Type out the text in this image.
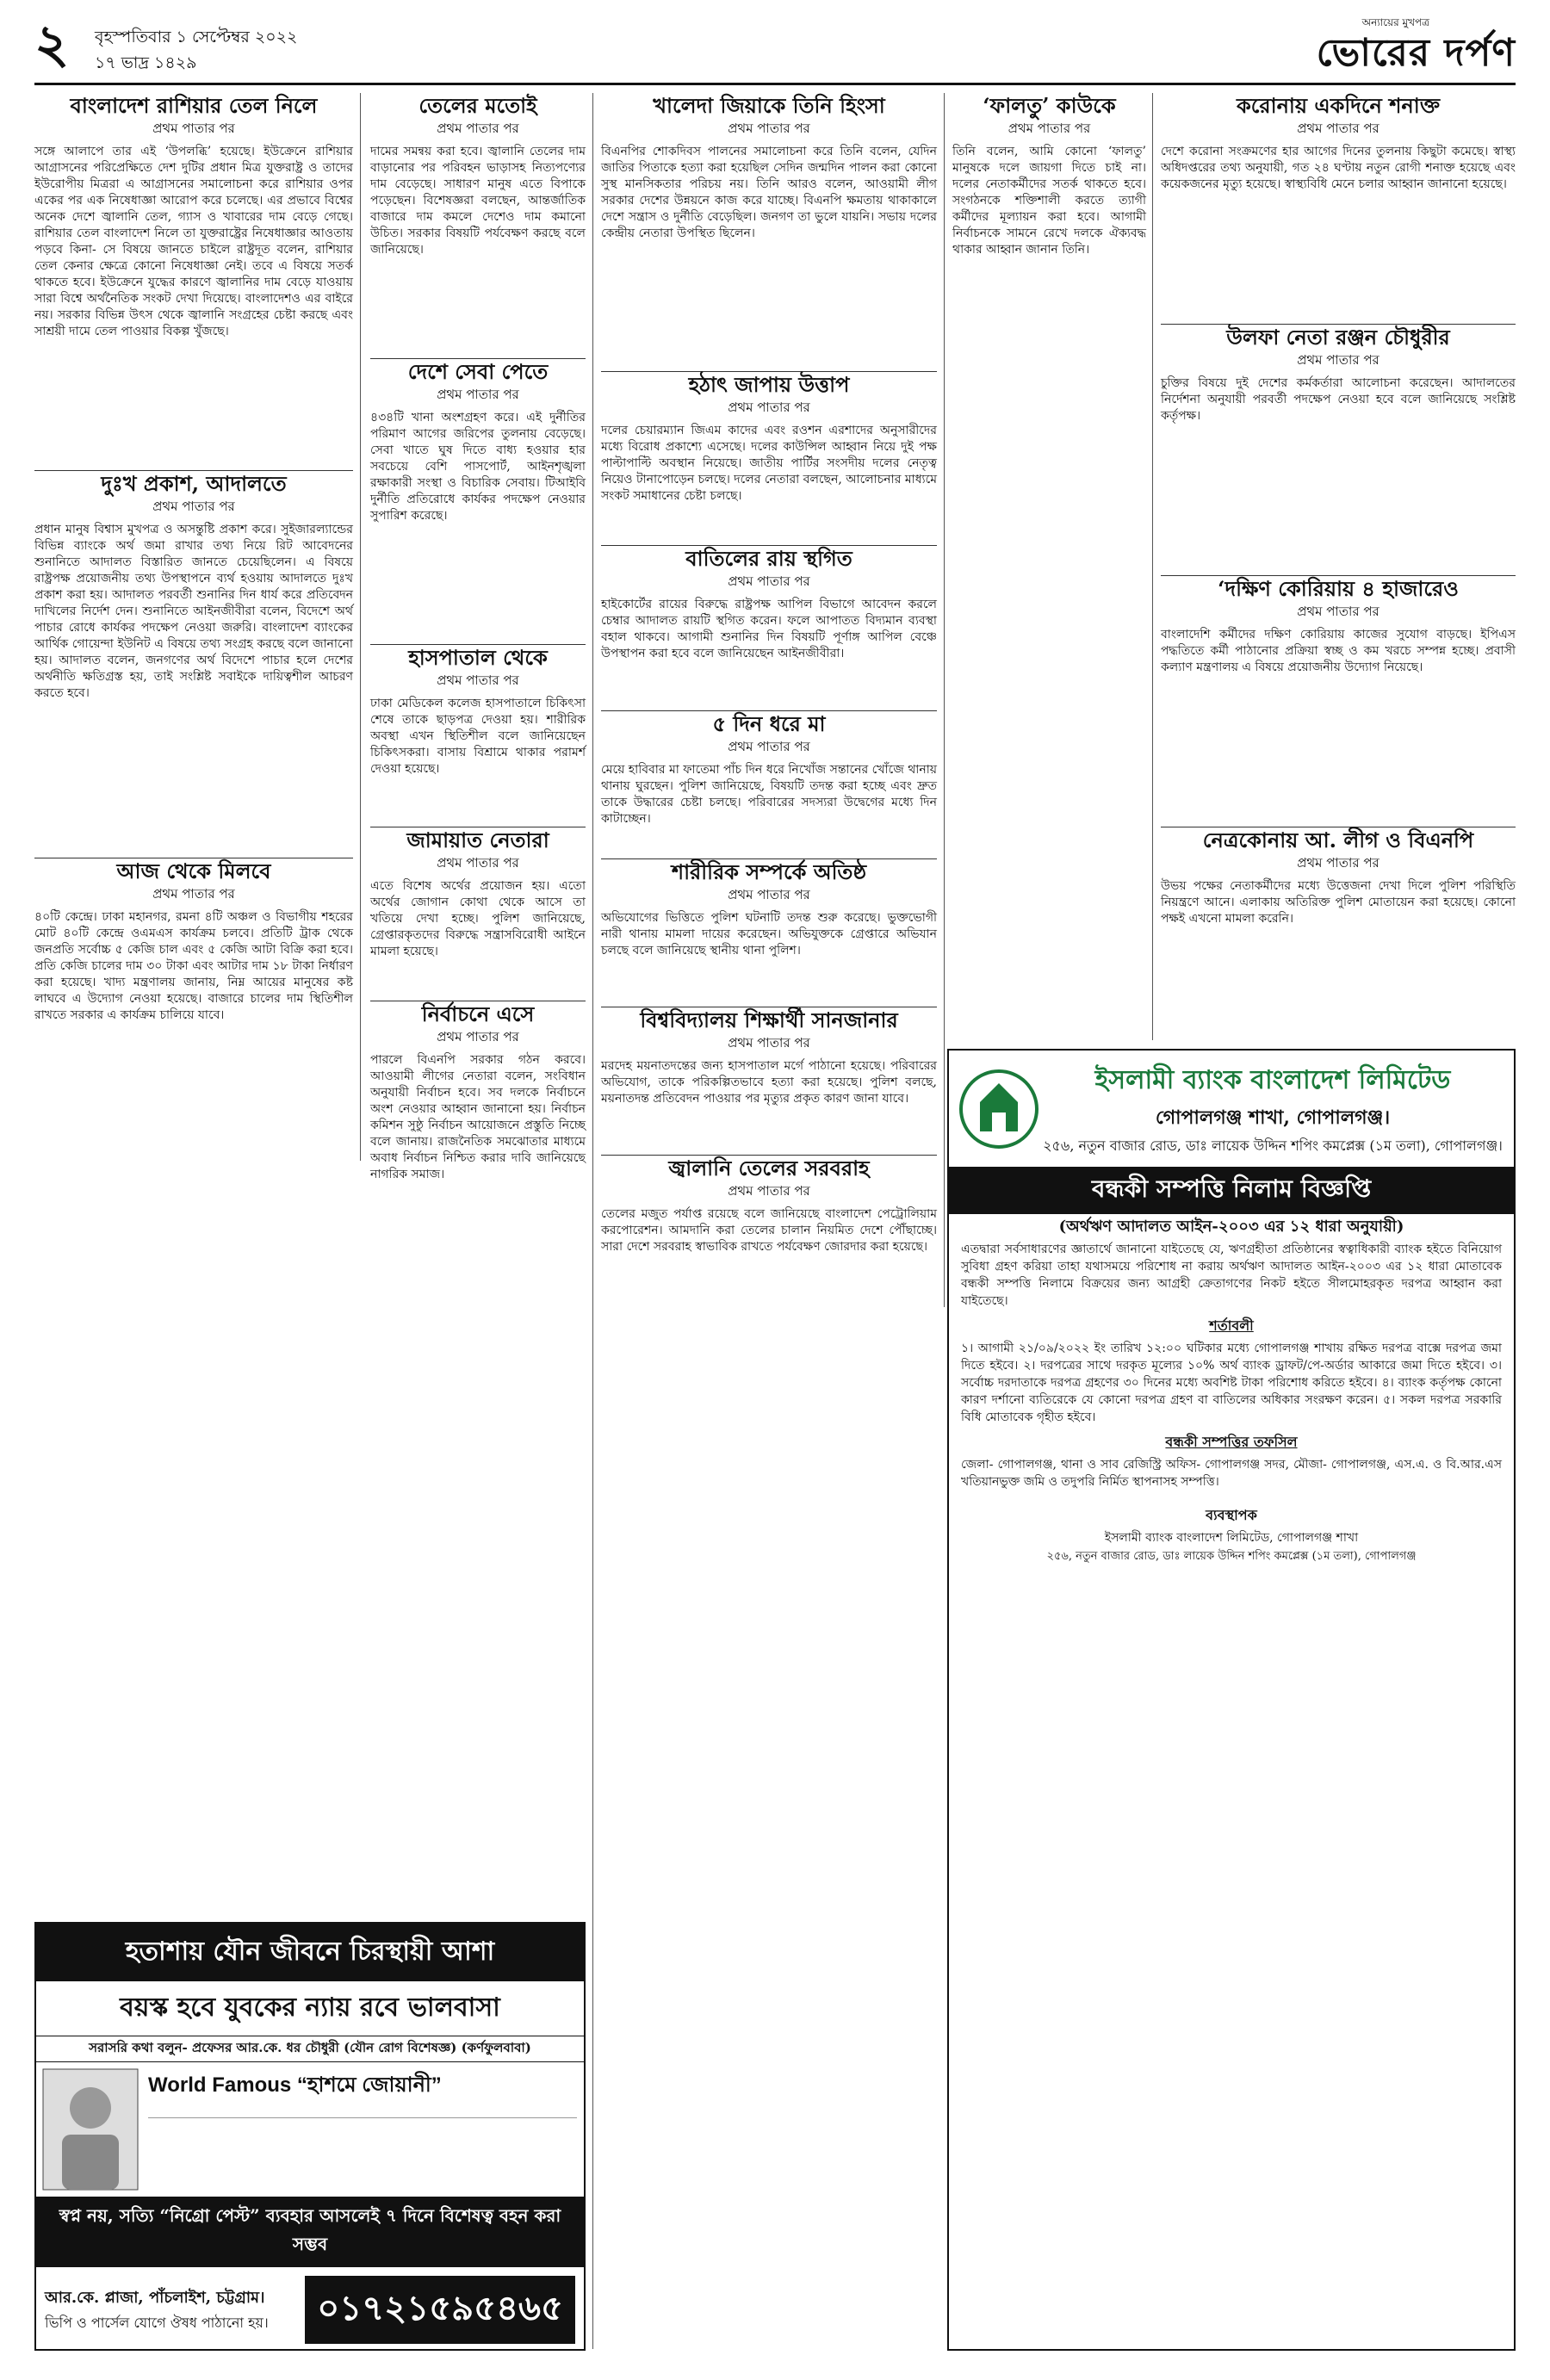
২ বৃহস্পতিবার ১ সেপ্টেম্বর ২০২২
১৭ ভাদ্র ১৪২৯
অন্যায়ের মুখপত্র
ভোরের দর্পণ
বাংলাদেশ রাশিয়ার তেল নিলে
প্রথম পাতার পর
সঙ্গে আলাপে তার এই ‘উপলব্ধি’ হয়েছে। ইউক্রেনে রাশিয়ার আগ্রাসনের পরিপ্রেক্ষিতে দেশ দুটির প্রধান মিত্র যুক্তরাষ্ট্র ও তাদের ইউরোপীয় মিত্ররা এ আগ্রাসনের সমালোচনা করে রাশিয়ার ওপর একের পর এক নিষেধাজ্ঞা আরোপ করে চলেছে। এর প্রভাবে বিশ্বের অনেক দেশে জ্বালানি তেল, গ্যাস ও খাবারের দাম বেড়ে গেছে। রাশিয়ার তেল বাংলাদেশ নিলে তা যুক্তরাষ্ট্রের নিষেধাজ্ঞার আওতায় পড়বে কিনা- সে বিষয়ে জানতে চাইলে রাষ্ট্রদূত বলেন, রাশিয়ার তেল কেনার ক্ষেত্রে কোনো নিষেধাজ্ঞা নেই। তবে এ বিষয়ে সতর্ক থাকতে হবে। ইউক্রেনে যুদ্ধের কারণে জ্বালানির দাম বেড়ে যাওয়ায় সারা বিশ্বে অর্থনৈতিক সংকট দেখা দিয়েছে। বাংলাদেশও এর বাইরে নয়। সরকার বিভিন্ন উৎস থেকে জ্বালানি সংগ্রহের চেষ্টা করছে এবং সাশ্রয়ী দামে তেল পাওয়ার বিকল্প খুঁজছে।
দুঃখ প্রকাশ, আদালতে
প্রথম পাতার পর
প্রধান মানুষ বিশ্বাস মুখপত্র ও অসন্তুষ্টি প্রকাশ করে। সুইজারল্যান্ডের বিভিন্ন ব্যাংকে অর্থ জমা রাখার তথ্য নিয়ে রিট আবেদনের শুনানিতে আদালত বিস্তারিত জানতে চেয়েছিলেন। এ বিষয়ে রাষ্ট্রপক্ষ প্রয়োজনীয় তথ্য উপস্থাপনে ব্যর্থ হওয়ায় আদালতে দুঃখ প্রকাশ করা হয়। আদালত পরবর্তী শুনানির দিন ধার্য করে প্রতিবেদন দাখিলের নির্দেশ দেন। শুনানিতে আইনজীবীরা বলেন, বিদেশে অর্থ পাচার রোধে কার্যকর পদক্ষেপ নেওয়া জরুরি। বাংলাদেশ ব্যাংকের আর্থিক গোয়েন্দা ইউনিট এ বিষয়ে তথ্য সংগ্রহ করছে বলে জানানো হয়। আদালত বলেন, জনগণের অর্থ বিদেশে পাচার হলে দেশের অর্থনীতি ক্ষতিগ্রস্ত হয়, তাই সংশ্লিষ্ট সবাইকে দায়িত্বশীল আচরণ করতে হবে।
আজ থেকে মিলবে
প্রথম পাতার পর
৪০টি কেন্দ্রে। ঢাকা মহানগর, রমনা ৪টি অঞ্চল ও বিভাগীয় শহরের মোট ৪০টি কেন্দ্রে ওএমএস কার্যক্রম চলবে। প্রতিটি ট্রাক থেকে জনপ্রতি সর্বোচ্চ ৫ কেজি চাল এবং ৫ কেজি আটা বিক্রি করা হবে। প্রতি কেজি চালের দাম ৩০ টাকা এবং আটার দাম ১৮ টাকা নির্ধারণ করা হয়েছে। খাদ্য মন্ত্রণালয় জানায়, নিম্ন আয়ের মানুষের কষ্ট লাঘবে এ উদ্যোগ নেওয়া হয়েছে। বাজারে চালের দাম স্থিতিশীল রাখতে সরকার এ কার্যক্রম চালিয়ে যাবে।
তেলের মতোই
প্রথম পাতার পর
দামের সমন্বয় করা হবে। জ্বালানি তেলের দাম বাড়ানোর পর পরিবহন ভাড়াসহ নিত্যপণ্যের দাম বেড়েছে। সাধারণ মানুষ এতে বিপাকে পড়েছেন। বিশেষজ্ঞরা বলছেন, আন্তর্জাতিক বাজারে দাম কমলে দেশেও দাম কমানো উচিত। সরকার বিষয়টি পর্যবেক্ষণ করছে বলে জানিয়েছে।
দেশে সেবা পেতে
প্রথম পাতার পর
৪৩৪টি খানা অংশগ্রহণ করে। এই দুর্নীতির পরিমাণ আগের জরিপের তুলনায় বেড়েছে। সেবা খাতে ঘুষ দিতে বাধ্য হওয়ার হার সবচেয়ে বেশি পাসপোর্ট, আইনশৃঙ্খলা রক্ষাকারী সংস্থা ও বিচারিক সেবায়। টিআইবি দুর্নীতি প্রতিরোধে কার্যকর পদক্ষেপ নেওয়ার সুপারিশ করেছে।
হাসপাতাল থেকে
প্রথম পাতার পর
ঢাকা মেডিকেল কলেজ হাসপাতালে চিকিৎসা শেষে তাকে ছাড়পত্র দেওয়া হয়। শারীরিক অবস্থা এখন স্থিতিশীল বলে জানিয়েছেন চিকিৎসকরা। বাসায় বিশ্রামে থাকার পরামর্শ দেওয়া হয়েছে।
জামায়াত নেতারা
প্রথম পাতার পর
এতে বিশেষ অর্থের প্রয়োজন হয়। এতো অর্থের জোগান কোথা থেকে আসে তা খতিয়ে দেখা হচ্ছে। পুলিশ জানিয়েছে, গ্রেপ্তারকৃতদের বিরুদ্ধে সন্ত্রাসবিরোধী আইনে মামলা হয়েছে।
নির্বাচনে এসে
প্রথম পাতার পর
পারলে বিএনপি সরকার গঠন করবে। আওয়ামী লীগের নেতারা বলেন, সংবিধান অনুযায়ী নির্বাচন হবে। সব দলকে নির্বাচনে অংশ নেওয়ার আহ্বান জানানো হয়। নির্বাচন কমিশন সুষ্ঠু নির্বাচন আয়োজনে প্রস্তুতি নিচ্ছে বলে জানায়। রাজনৈতিক সমঝোতার মাধ্যমে অবাধ নির্বাচন নিশ্চিত করার দাবি জানিয়েছে নাগরিক সমাজ।
খালেদা জিয়াকে তিনি হিংসা
প্রথম পাতার পর
বিএনপির শোকদিবস পালনের সমালোচনা করে তিনি বলেন, যেদিন জাতির পিতাকে হত্যা করা হয়েছিল সেদিন জন্মদিন পালন করা কোনো সুস্থ মানসিকতার পরিচয় নয়। তিনি আরও বলেন, আওয়ামী লীগ সরকার দেশের উন্নয়নে কাজ করে যাচ্ছে। বিএনপি ক্ষমতায় থাকাকালে দেশে সন্ত্রাস ও দুর্নীতি বেড়েছিল। জনগণ তা ভুলে যায়নি। সভায় দলের কেন্দ্রীয় নেতারা উপস্থিত ছিলেন।
হঠাৎ জাপায় উত্তাপ
প্রথম পাতার পর
দলের চেয়ারম্যান জিএম কাদের এবং রওশন এরশাদের অনুসারীদের মধ্যে বিরোধ প্রকাশ্যে এসেছে। দলের কাউন্সিল আহ্বান নিয়ে দুই পক্ষ পাল্টাপাল্টি অবস্থান নিয়েছে। জাতীয় পার্টির সংসদীয় দলের নেতৃত্ব নিয়েও টানাপোড়েন চলছে। দলের নেতারা বলছেন, আলোচনার মাধ্যমে সংকট সমাধানের চেষ্টা চলছে।
বাতিলের রায় স্থগিত
প্রথম পাতার পর
হাইকোর্টের রায়ের বিরুদ্ধে রাষ্ট্রপক্ষ আপিল বিভাগে আবেদন করলে চেম্বার আদালত রায়টি স্থগিত করেন। ফলে আপাতত বিদ্যমান ব্যবস্থা বহাল থাকবে। আগামী শুনানির দিন বিষয়টি পূর্ণাঙ্গ আপিল বেঞ্চে উপস্থাপন করা হবে বলে জানিয়েছেন আইনজীবীরা।
৫ দিন ধরে মা
প্রথম পাতার পর
মেয়ে হাবিবার মা ফাতেমা পাঁচ দিন ধরে নিখোঁজ সন্তানের খোঁজে থানায় থানায় ঘুরছেন। পুলিশ জানিয়েছে, বিষয়টি তদন্ত করা হচ্ছে এবং দ্রুত তাকে উদ্ধারের চেষ্টা চলছে। পরিবারের সদস্যরা উদ্বেগের মধ্যে দিন কাটাচ্ছেন।
শারীরিক সম্পর্কে অতিষ্ঠ
প্রথম পাতার পর
অভিযোগের ভিত্তিতে পুলিশ ঘটনাটি তদন্ত শুরু করেছে। ভুক্তভোগী নারী থানায় মামলা দায়ের করেছেন। অভিযুক্তকে গ্রেপ্তারে অভিযান চলছে বলে জানিয়েছে স্থানীয় থানা পুলিশ।
বিশ্ববিদ্যালয় শিক্ষার্থী সানজানার
প্রথম পাতার পর
মরদেহ ময়নাতদন্তের জন্য হাসপাতাল মর্গে পাঠানো হয়েছে। পরিবারের অভিযোগ, তাকে পরিকল্পিতভাবে হত্যা করা হয়েছে। পুলিশ বলছে, ময়নাতদন্ত প্রতিবেদন পাওয়ার পর মৃত্যুর প্রকৃত কারণ জানা যাবে।
জ্বালানি তেলের সরবরাহ
প্রথম পাতার পর
তেলের মজুত পর্যাপ্ত রয়েছে বলে জানিয়েছে বাংলাদেশ পেট্রোলিয়াম করপোরেশন। আমদানি করা তেলের চালান নিয়মিত দেশে পৌঁছাচ্ছে। সারা দেশে সরবরাহ স্বাভাবিক রাখতে পর্যবেক্ষণ জোরদার করা হয়েছে।
‘ফালতু’ কাউকে
প্রথম পাতার পর
তিনি বলেন, আমি কোনো ‘ফালতু’ মানুষকে দলে জায়গা দিতে চাই না। দলের নেতাকর্মীদের সতর্ক থাকতে হবে। সংগঠনকে শক্তিশালী করতে ত্যাগী কর্মীদের মূল্যায়ন করা হবে। আগামী নির্বাচনকে সামনে রেখে দলকে ঐক্যবদ্ধ থাকার আহ্বান জানান তিনি।
করোনায় একদিনে শনাক্ত
প্রথম পাতার পর
দেশে করোনা সংক্রমণের হার আগের দিনের তুলনায় কিছুটা কমেছে। স্বাস্থ্য অধিদপ্তরের তথ্য অনুযায়ী, গত ২৪ ঘণ্টায় নতুন রোগী শনাক্ত হয়েছে এবং কয়েকজনের মৃত্যু হয়েছে। স্বাস্থ্যবিধি মেনে চলার আহ্বান জানানো হয়েছে।
উলফা নেতা রঞ্জন চৌধুরীর
প্রথম পাতার পর
চুক্তির বিষয়ে দুই দেশের কর্মকর্তারা আলোচনা করেছেন। আদালতের নির্দেশনা অনুযায়ী পরবর্তী পদক্ষেপ নেওয়া হবে বলে জানিয়েছে সংশ্লিষ্ট কর্তৃপক্ষ।
‘দক্ষিণ কোরিয়ায় ৪ হাজারেও
প্রথম পাতার পর
বাংলাদেশি কর্মীদের দক্ষিণ কোরিয়ায় কাজের সুযোগ বাড়ছে। ইপিএস পদ্ধতিতে কর্মী পাঠানোর প্রক্রিয়া স্বচ্ছ ও কম খরচে সম্পন্ন হচ্ছে। প্রবাসী কল্যাণ মন্ত্রণালয় এ বিষয়ে প্রয়োজনীয় উদ্যোগ নিয়েছে।
নেত্রকোনায় আ. লীগ ও বিএনপি
প্রথম পাতার পর
উভয় পক্ষের নেতাকর্মীদের মধ্যে উত্তেজনা দেখা দিলে পুলিশ পরিস্থিতি নিয়ন্ত্রণে আনে। এলাকায় অতিরিক্ত পুলিশ মোতায়েন করা হয়েছে। কোনো পক্ষই এখনো মামলা করেনি।
হতাশায় যৌন জীবনে চিরস্থায়ী আশা
বয়স্ক হবে যুবকের ন্যায় রবে ভালবাসা
সরাসরি কথা বলুন- প্রফেসর আর.কে. ধর চৌধুরী (যৌন রোগ বিশেষজ্ঞ) (কর্ণফুলবাবা)
World Famous “হাশমে জোয়ানী”
স্বপ্ন নয়, সত্যি “নিগ্রো পেস্ট” ব্যবহার আসলেই ৭ দিনে বিশেষত্ব বহন করা সম্ভব
আর.কে. প্লাজা, পাঁচলাইশ, চট্টগ্রাম।
ভিপি ও পার্সেল যোগে ঔষধ পাঠানো হয়।	০১৭২১৫৯৫৪৬৫
ইসলামী ব্যাংক বাংলাদেশ লিমিটেড
গোপালগঞ্জ শাখা, গোপালগঞ্জ।
২৫৬, নতুন বাজার রোড, ডাঃ লায়েক উদ্দিন শপিং কমপ্লেক্স (১ম তলা), গোপালগঞ্জ।
বন্ধকী সম্পত্তি নিলাম বিজ্ঞপ্তি
(অর্থঋণ আদালত আইন-২০০৩ এর ১২ ধারা অনুযায়ী)
এতদ্বারা সর্বসাধারণের জ্ঞাতার্থে জানানো যাইতেছে যে, ঋণগ্রহীতা প্রতিষ্ঠানের স্বত্বাধিকারী ব্যাংক হইতে বিনিয়োগ সুবিধা গ্রহণ করিয়া তাহা যথাসময়ে পরিশোধ না করায় অর্থঋণ আদালত আইন-২০০৩ এর ১২ ধারা মোতাবেক বন্ধকী সম্পত্তি নিলামে বিক্রয়ের জন্য আগ্রহী ক্রেতাগণের নিকট হইতে সীলমোহরকৃত দরপত্র আহ্বান করা যাইতেছে।
শর্তাবলী
১। আগামী ২১/০৯/২০২২ ইং তারিখ ১২:০০ ঘটিকার মধ্যে গোপালগঞ্জ শাখায় রক্ষিত দরপত্র বাক্সে দরপত্র জমা দিতে হইবে। ২। দরপত্রের সাথে দরকৃত মূল্যের ১০% অর্থ ব্যাংক ড্রাফট/পে-অর্ডার আকারে জমা দিতে হইবে। ৩। সর্বোচ্চ দরদাতাকে দরপত্র গ্রহণের ৩০ দিনের মধ্যে অবশিষ্ট টাকা পরিশোধ করিতে হইবে। ৪। ব্যাংক কর্তৃপক্ষ কোনো কারণ দর্শানো ব্যতিরেকে যে কোনো দরপত্র গ্রহণ বা বাতিলের অধিকার সংরক্ষণ করেন। ৫। সকল দরপত্র সরকারি বিধি মোতাবেক গৃহীত হইবে।
বন্ধকী সম্পত্তির তফসিল
জেলা- গোপালগঞ্জ, থানা ও সাব রেজিস্ট্রি অফিস- গোপালগঞ্জ সদর, মৌজা- গোপালগঞ্জ, এস.এ. ও বি.আর.এস খতিয়ানভুক্ত জমি ও তদুপরি নির্মিত স্থাপনাসহ সম্পত্তি।
ব্যবস্থাপক
ইসলামী ব্যাংক বাংলাদেশ লিমিটেড, গোপালগঞ্জ শাখা
২৫৬, নতুন বাজার রোড, ডাঃ লায়েক উদ্দিন শপিং কমপ্লেক্স (১ম তলা), গোপালগঞ্জ
